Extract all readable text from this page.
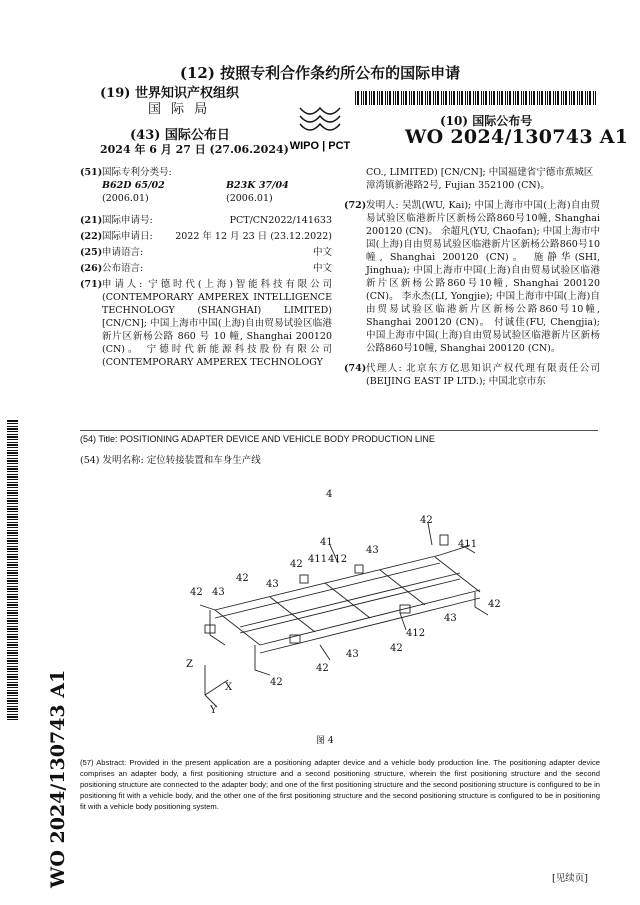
(12) 按照专利合作条约所公布的国际申请
(19) 世界知识产权组织
国 际 局
(43) 国际公布日
2024 年 6 月 27 日 (27.06.2024) WIPO | PCT
(10) 国际公布号
WO 2024/130743 A1
(51) 国际专利分类号:

B62D 65/02 (2006.01)
B23K 37/04 (2006.01)
(21) 国际申请号:	PCT/CN2022/141633
(22) 国际申请日: 2022 年 12 月 23 日 (23.12.2022)
(25) 申请语言:	中文
(26) 公布语言:	中文
(71) 申请人: 宁德时代(上海)智能科技有限公司 (CONTEMPORARY AMPEREX INTELLIGENCE TECHNOLOGY (SHANGHAI) LIMITED) [CN/CN]; 中国上海市中国(上海)自由贸易试验区临港新片区新杨公路 860 号 10 幢, Shanghai 200120 (CN)。 宁德时代新能源科技股份有限公司 (CONTEMPORARY AMPEREX TECHNOLOGY
CO., LIMITED) [CN/CN]; 中国福建省宁德市蕉城区漳湾镇新港路2号, Fujian 352100 (CN)。
(72) 发明人: 吴凯(WU, Kai); 中国上海市中国(上海)自由贸易试验区临港新片区新杨公路860号10幢, Shanghai 200120 (CN)。 余超凡(YU, Chaofan); 中国上海市中国(上海)自由贸易试验区临港新片区新杨公路860号10幢, Shanghai 200120 (CN)。 施静华(SHI, Jinghua); 中国上海市中国(上海)自由贸易试验区临港新片区新杨公路860号10幢, Shanghai 200120 (CN)。 李永杰(LI, Yongjie); 中国上海市中国(上海)自由贸易试验区临港新片区新杨公路860号10幢, Shanghai 200120 (CN)。 付诚佳(FU, Chengjia); 中国上海市中国(上海)自由贸易试验区临港新片区新杨公路860号10幢, Shanghai 200120 (CN)。
(74) 代理人: 北京东方亿思知识产权代理有限责任公司 (BEIJING EAST IP LTD.); 中国北京市东
WO 2024/130743 A1
(54) Title: POSITIONING ADAPTER DEVICE AND VEHICLE BODY PRODUCTION LINE
(54) 发明名称: 定位转接装置和车身生产线
4
42
411
41
411 412
43
42
42
43
42 43
42
43
412
42
42
43
42
Z
X
Y
图 4
(57) Abstract: Provided in the present application are a positioning adapter device and a vehicle body production line. The positioning adapter device comprises an adapter body, a first positioning structure and a second positioning structure, wherein the first positioning structure and the second positioning structure are connected to the adapter body; and one of the first positioning structure and the second positioning structure is configured to be in positioning fit with a vehicle body, and the other one of the first positioning structure and the second positioning structure is configured to be in positioning fit with a vehicle body positioning system.
[见续页]
